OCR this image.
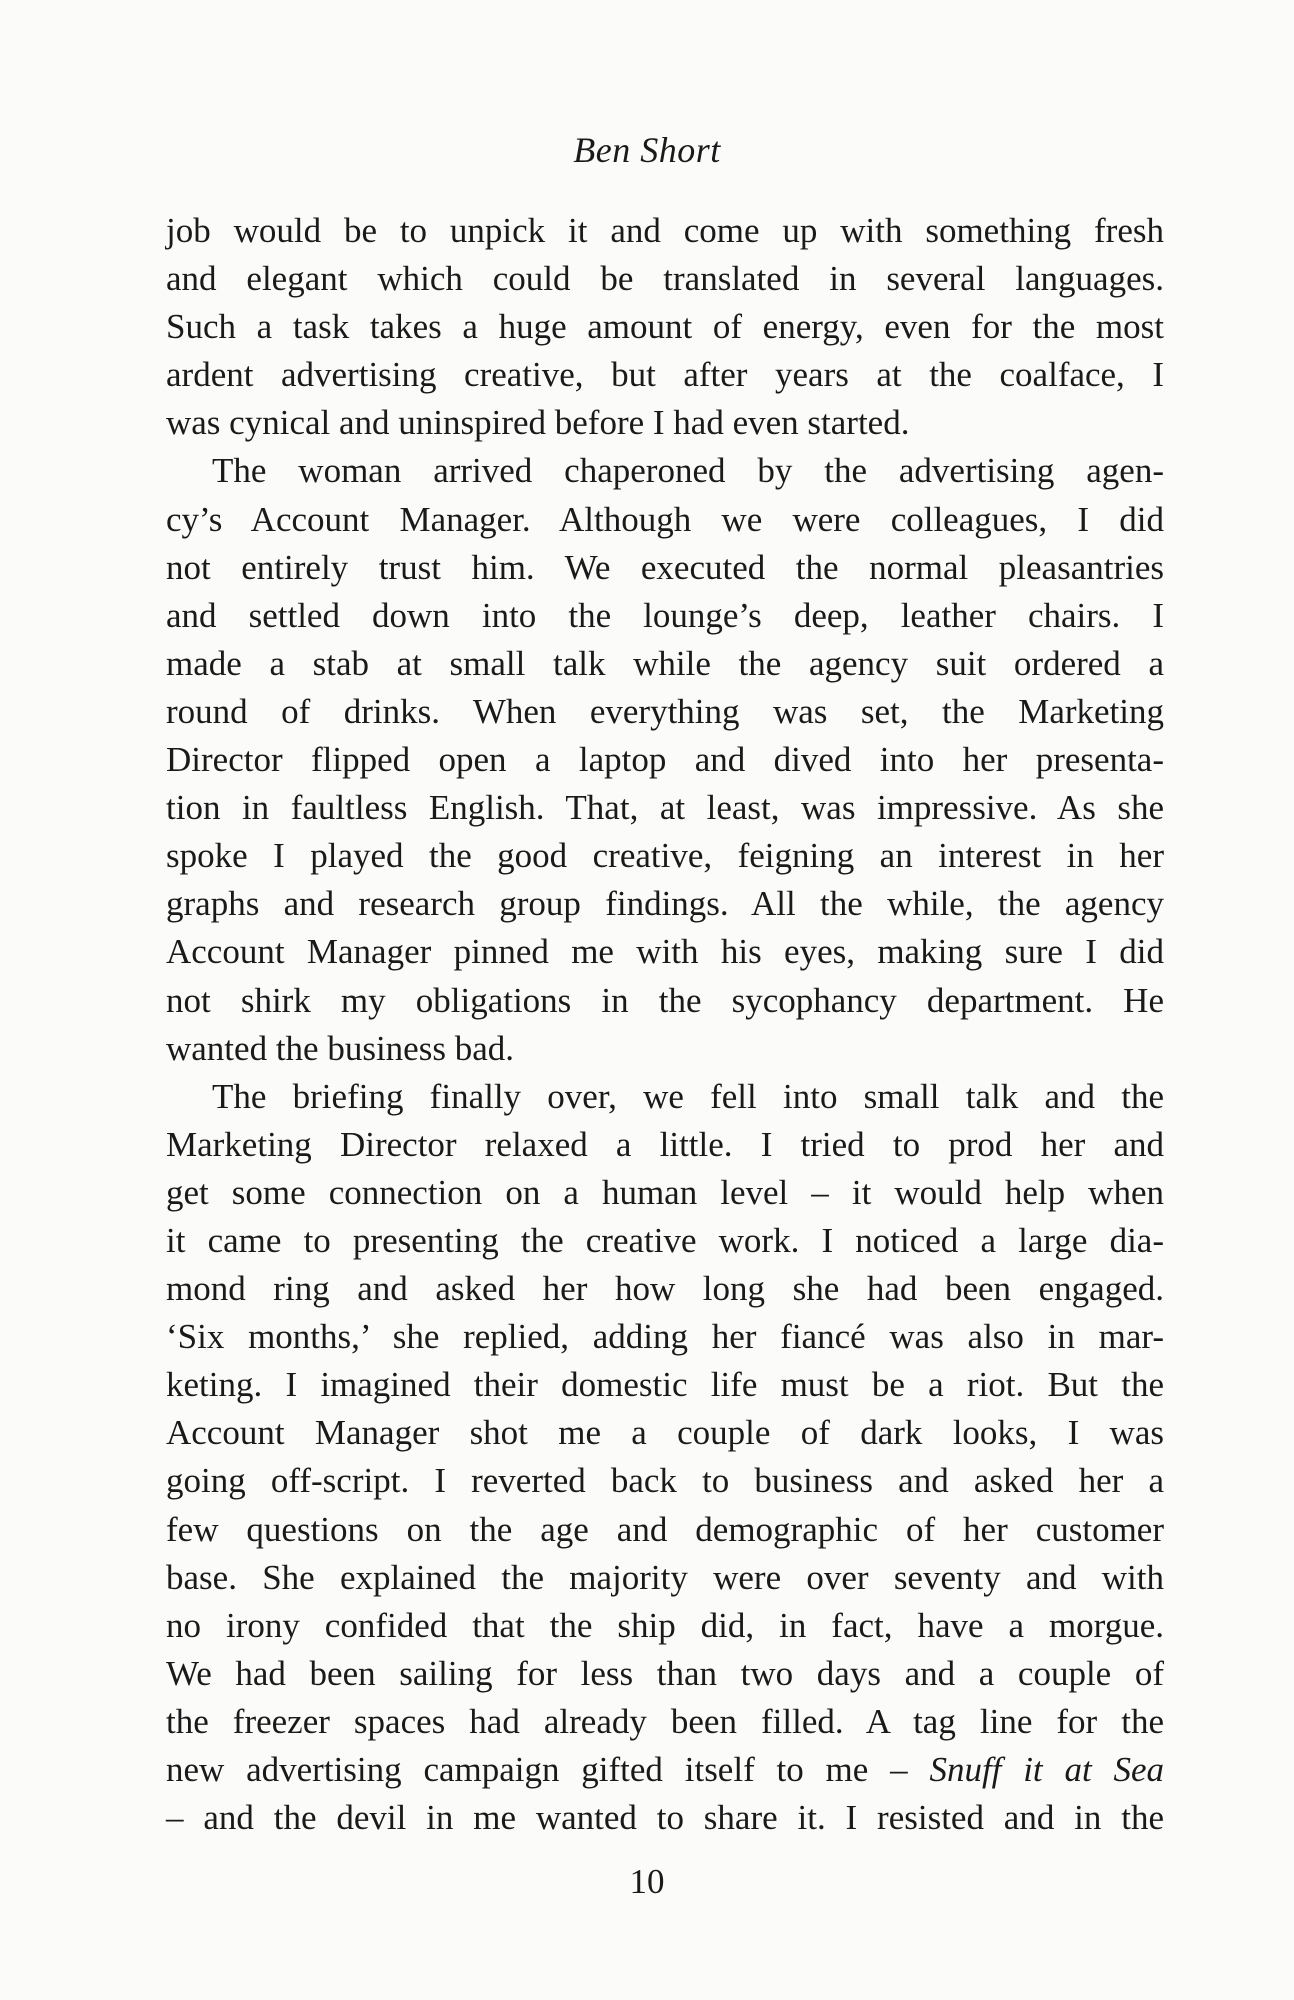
Ben Short
job would be to unpick it and come up with something fresh
and elegant which could be translated in several languages.
Such a task takes a huge amount of energy, even for the most
ardent advertising creative, but after years at the coalface, I
was cynical and uninspired before I had even started.
The woman arrived chaperoned by the advertising agen-
cy’s Account Manager. Although we were colleagues, I did
not entirely trust him. We executed the normal pleasantries
and settled down into the lounge’s deep, leather chairs. I
made a stab at small talk while the agency suit ordered a
round of drinks. When everything was set, the Marketing
Director flipped open a laptop and dived into her presenta-
tion in faultless English. That, at least, was impressive. As she
spoke I played the good creative, feigning an interest in her
graphs and research group findings. All the while, the agency
Account Manager pinned me with his eyes, making sure I did
not shirk my obligations in the sycophancy department. He
wanted the business bad.
The briefing finally over, we fell into small talk and the
Marketing Director relaxed a little. I tried to prod her and
get some connection on a human level – it would help when
it came to presenting the creative work. I noticed a large dia-
mond ring and asked her how long she had been engaged.
‘Six months,’ she replied, adding her fiancé was also in mar-
keting. I imagined their domestic life must be a riot. But the
Account Manager shot me a couple of dark looks, I was
going off-script. I reverted back to business and asked her a
few questions on the age and demographic of her customer
base. She explained the majority were over seventy and with
no irony confided that the ship did, in fact, have a morgue.
We had been sailing for less than two days and a couple of
the freezer spaces had already been filled. A tag line for the
new advertising campaign gifted itself to me – Snuff it at Sea
– and the devil in me wanted to share it. I resisted and in the
10
